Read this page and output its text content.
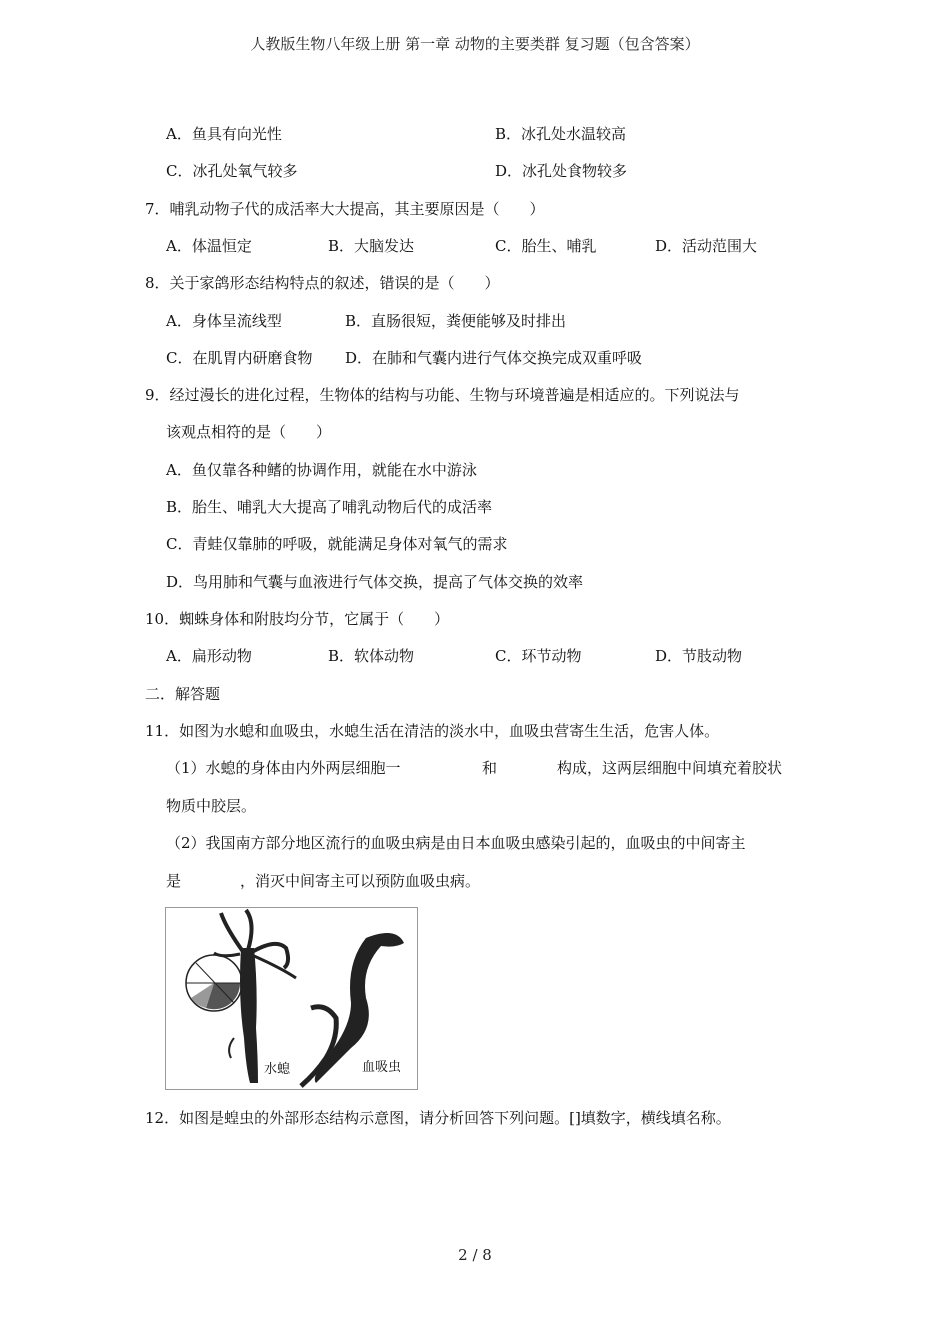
人教版生物八年级上册 第一章 动物的主要类群 复习题（包含答案）
A．鱼具有向光性	B．冰孔处水温较高
C．冰孔处氧气较多	D．冰孔处食物较多
7．哺乳动物子代的成活率大大提高，其主要原因是（　　）
A．体温恒定	B．大脑发达	C．胎生、哺乳	D．活动范围大
8．关于家鸽形态结构特点的叙述，错误的是（　　）
A．身体呈流线型	B．直肠很短，粪便能够及时排出
C．在肌胃内研磨食物 D．在肺和气囊内进行气体交换完成双重呼吸
9．经过漫长的进化过程，生物体的结构与功能、生物与环境普遍是相适应的。下列说法与
该观点相符的是（　　）
A．鱼仅靠各种鳍的协调作用，就能在水中游泳
B．胎生、哺乳大大提高了哺乳动物后代的成活率
C．青蛙仅靠肺的呼吸，就能满足身体对氧气的需求
D．鸟用肺和气囊与血液进行气体交换，提高了气体交换的效率
10．蜘蛛身体和附肢均分节，它属于（　　）
A．扁形动物	B．软体动物	C．环节动物	D．节肢动物
二．解答题
11．如图为水螅和血吸虫，水螅生活在清洁的淡水中，血吸虫营寄生生活，危害人体。
（1）水螅的身体由内外两层细胞一	和	构成，这两层细胞中间填充着胶状
物质中胶层。
（2）我国南方部分地区流行的血吸虫病是由日本血吸虫感染引起的，血吸虫的中间寄主
是	，消灭中间寄主可以预防血吸虫病。
水螅	血吸虫
12．如图是蝗虫的外部形态结构示意图，请分析回答下列问题。[]填数字，横线填名称。
2 / 8
